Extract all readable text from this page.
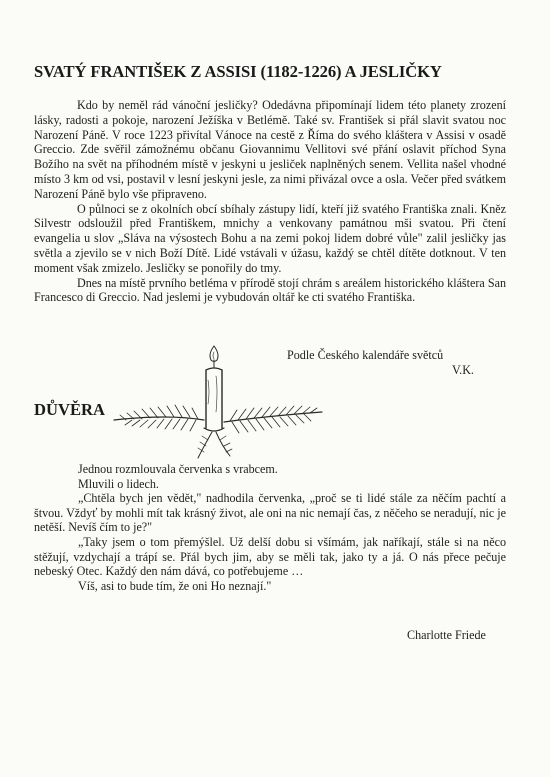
SVATÝ FRANTIŠEK Z ASSISI (1182-1226) A JESLIČKY

Kdo by neměl rád vánoční jesličky? Odedávna připomínají lidem této planety zrození lásky, radosti a pokoje, narození Ježíška v Betlémě. Také sv. František si přál slavit svatou noc Narození Páně. V roce 1223 přivítal Vánoce na cestě z Říma do svého kláštera v Assisi v osadě Greccio. Zde svěřil zámožnému občanu Giovannimu Vellitovi své přání oslavit příchod Syna Božího na svět na příhodném místě v jeskyni u jesliček naplněných senem. Vellita našel vhodné místo 3 km od vsi, postavil v lesní jeskyni jesle, za nimi přivázal ovce a osla. Večer před svátkem Narození Páně bylo vše připraveno.

O půlnoci se z okolních obcí sbíhaly zástupy lidí, kteří již svatého Františka znali. Kněz Silvestr odsloužil před Františkem, mnichy a venkovany památnou mši svatou. Při čtení evangelia u slov „Sláva na výsostech Bohu a na zemi pokoj lidem dobré vůle" zalil jesličky jas světla a zjevilo se v nich Boží Dítě. Lidé vstávali v úžasu, každý se chtěl dítěte dotknout. V ten moment však zmizelo. Jesličky se ponořily do tmy.

Dnes na místě prvního betléma v přírodě stojí chrám s areálem historického kláštera San Francesco di Greccio. Nad jeslemi je vybudován oltář ke cti svatého Františka.

Podle Českého kalendáře světců
V.K.
DŮVĚRA

Jednou rozmlouvala červenka s vrabcem.

Mluvili o lidech.

„Chtěla bych jen vědět," nadhodila červenka, „proč se ti lidé stále za něčím pachtí a štvou. Vždyť by mohli mít tak krásný život, ale oni na nic nemají čas, z něčeho se neradují, nic je netěší. Nevíš čím to je?"

„Taky jsem o tom přemýšlel. Už delší dobu si všímám, jak naříkají, stále si na něco stěžují, vzdychají a trápí se. Přál bych jim, aby se měli tak, jako ty a já. O nás přece pečuje nebeský Otec. Každý den nám dává, co potřebujeme …

Víš, asi to bude tím, že oni Ho neznají."

Charlotte Friede
